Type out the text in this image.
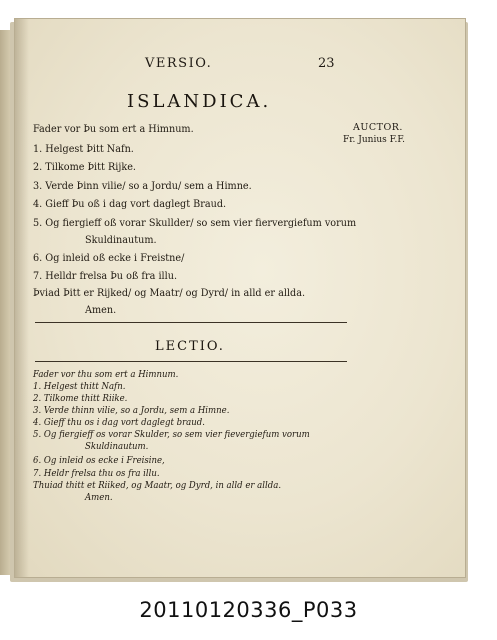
VERSIO.	23
ISLANDICA.
AUCTOR.
Fr. Junius F.F.
Fader vor Þu som ert a Himnum.
1. Helgest Þitt Nafn.
2. Tilkome Þitt Rijke.
3. Verde Þinn vilie/ so a Jordu/ sem a Himne.
4. Gieff Þu oß i dag vort daglegt Braud.
5. Og fiergieff oß vorar Skullder/ so sem vier fiervergiefum vorum
Skuldinautum.
6. Og inleid oß ecke i Freistne/
7. Helldr frelsa Þu oß fra illu.
Þviad Þitt er Rijked/ og Maatr/ og Dyrd/ in alld er allda.
Amen.
LECTIO.
Fader vor thu som ert a Himnum.
1. Helgest thitt Nafn.
2. Tilkome thitt Riike.
3. Verde thinn vilie, so a Jordu, sem a Himne.
4. Gieff thu os i dag vort daglegt braud.
5. Og fiergieff os vorar Skulder, so sem vier fievergiefum vorum
Skuldinautum.
6. Og inleid os ecke i Freisine,
7. Heldr frelsa thu os fra illu.
Thuiad thitt et Riiked, og Maatr, og Dyrd, in alld er allda.
Amen.
20110120336_P033
